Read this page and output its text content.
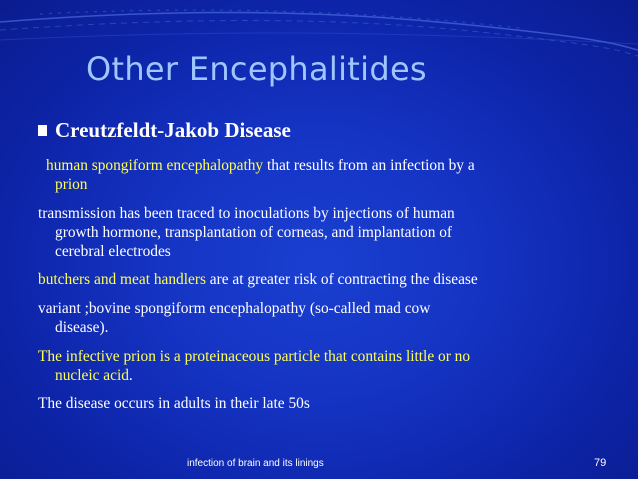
Other Encephalitides
Creutzfeldt-Jakob Disease
human spongiform encephalopathy that results from an infection by a
prion
transmission has been traced to inoculations by injections of human
growth hormone, transplantation of corneas, and implantation of
cerebral electrodes
butchers and meat handlers are at greater risk of contracting the disease
variant ;bovine spongiform encephalopathy (so-called mad cow
disease).
The infective prion is a proteinaceous particle that contains little or no
nucleic acid.
The disease occurs in adults in their late 50s
infection of brain and its linings	79
